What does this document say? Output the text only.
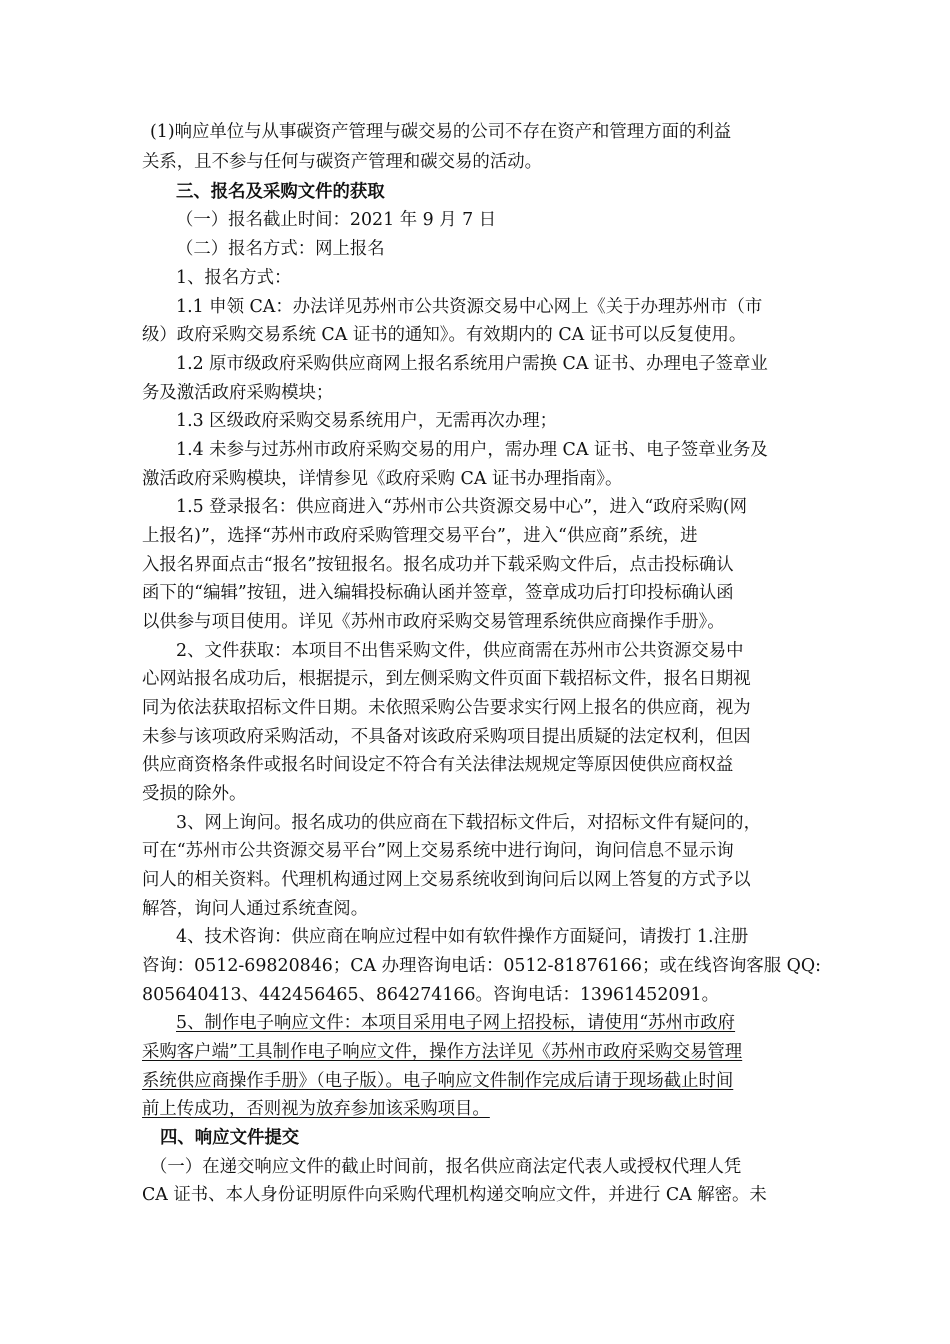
(1)响应单位与从事碳资产管理与碳交易的公司不存在资产和管理方面的利益
关系，且不参与任何与碳资产管理和碳交易的活动。
三、报名及采购文件的获取
（一）报名截止时间：2021 年 9 月 7 日
（二）报名方式：网上报名
1、报名方式：
1.1 申领 CA：办法详见苏州市公共资源交易中心网上《关于办理苏州市（市
级）政府采购交易系统 CA 证书的通知》。有效期内的 CA 证书可以反复使用。
1.2 原市级政府采购供应商网上报名系统用户需换 CA 证书、办理电子签章业
务及激活政府采购模块；
1.3 区级政府采购交易系统用户，无需再次办理；
1.4 未参与过苏州市政府采购交易的用户，需办理 CA 证书、电子签章业务及
激活政府采购模块，详情参见《政府采购 CA 证书办理指南》。
1.5 登录报名：供应商进入“苏州市公共资源交易中心”，进入“政府采购(网
上报名)”，选择“苏州市政府采购管理交易平台”，进入“供应商”系统，进
入报名界面点击“报名”按钮报名。报名成功并下载采购文件后，点击投标确认
函下的“编辑”按钮，进入编辑投标确认函并签章，签章成功后打印投标确认函
以供参与项目使用。详见《苏州市政府采购交易管理系统供应商操作手册》。
2、文件获取：本项目不出售采购文件，供应商需在苏州市公共资源交易中
心网站报名成功后，根据提示，到左侧采购文件页面下载招标文件，报名日期视
同为依法获取招标文件日期。未依照采购公告要求实行网上报名的供应商，视为
未参与该项政府采购活动，不具备对该政府采购项目提出质疑的法定权利，但因
供应商资格条件或报名时间设定不符合有关法律法规规定等原因使供应商权益
受损的除外。
3、网上询问。报名成功的供应商在下载招标文件后，对招标文件有疑问的，
可在“苏州市公共资源交易平台”网上交易系统中进行询问，询问信息不显示询
问人的相关资料。代理机构通过网上交易系统收到询问后以网上答复的方式予以
解答，询问人通过系统查阅。
4、技术咨询：供应商在响应过程中如有软件操作方面疑问，请拨打 1.注册
咨询：0512-69820846；CA 办理咨询电话：0512-81876166；或在线咨询客服 QQ:
805640413、442456465、864274166。咨询电话：13961452091。
5、制作电子响应文件：本项目采用电子网上招投标，请使用“苏州市政府
采购客户端”工具制作电子响应文件，操作方法详见《苏州市政府采购交易管理
系统供应商操作手册》（电子版）。电子响应文件制作完成后请于现场截止时间
前上传成功，否则视为放弃参加该采购项目。
四、响应文件提交
（一）在递交响应文件的截止时间前，报名供应商法定代表人或授权代理人凭
CA 证书、本人身份证明原件向采购代理机构递交响应文件，并进行 CA 解密。未
